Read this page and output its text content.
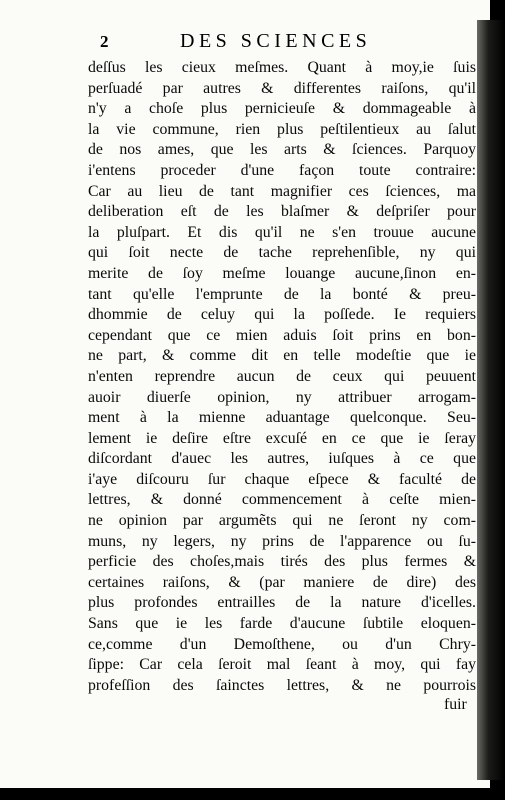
2	DES SCIENCES
deſſus les cieux meſmes. Quant à moy,ie ſuis
perſuadé par autres & differentes raiſons, qu'il
n'y a choſe plus pernicieuſe & dommageable à
la vie commune, rien plus peſtilentieux au ſalut
de nos ames, que les arts & ſciences. Parquoy
i'entens proceder d'une façon toute contraire:
Car au lieu de tant magnifier ces ſciences, ma
deliberation eſt de les blaſmer & deſpriſer pour
la pluſpart. Et dis qu'il ne s'en trouue aucune
qui ſoit necte de tache reprehenſible, ny qui
merite de ſoy meſme louange aucune,ſinon en-
tant qu'elle l'emprunte de la bonté & preu-
dhommie de celuy qui la poſſede. Ie requiers
cependant que ce mien aduis ſoit prins en bon-
ne part, & comme dit en telle modeſtie que ie
n'enten reprendre aucun de ceux qui peuuent
auoir diuerſe opinion, ny attribuer arrogam-
ment à la mienne aduantage quelconque. Seu-
lement ie deſire eſtre excuſé en ce que ie ſeray
diſcordant d'auec les autres, iuſques à ce que
i'aye diſcouru ſur chaque eſpece & faculté de
lettres, & donné commencement à ceſte mien-
ne opinion par argumẽts qui ne ſeront ny com-
muns, ny legers, ny prins de l'apparence ou ſu-
perficie des choſes,mais tirés des plus fermes &
certaines raiſons, & (par maniere de dire) des
plus profondes entrailles de la nature d'icelles.
Sans que ie les farde d'aucune ſubtile eloquen-
ce,comme d'un Demoſthene, ou d'un Chry-
ſippe: Car cela ſeroit mal ſeant à moy, qui fay
profeſſion des ſainctes lettres, & ne pourrois
fuir
